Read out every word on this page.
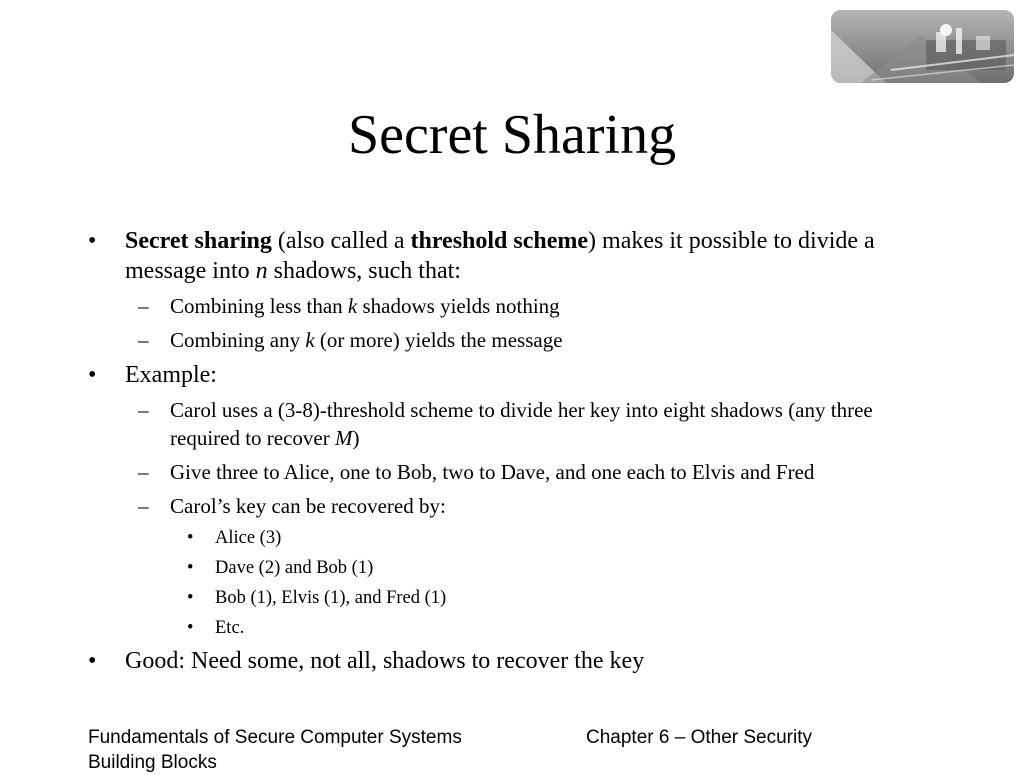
Secret Sharing
• Secret sharing (also called a threshold scheme) makes it possible to divide a message into n shadows, such that:
– Combining less than k shadows yields nothing
– Combining any k (or more) yields the message
• Example:
– Carol uses a (3-8)-threshold scheme to divide her key into eight shadows (any three required to recover M)
– Give three to Alice, one to Bob, two to Dave, and one each to Elvis and Fred
– Carol’s key can be recovered by:
• Alice (3)
• Dave (2) and Bob (1)
• Bob (1), Elvis (1), and Fred (1)
• Etc.
• Good: Need some, not all, shadows to recover the key
Fundamentals of Secure Computer Systems
Building Blocks
Chapter 6 – Other Security
